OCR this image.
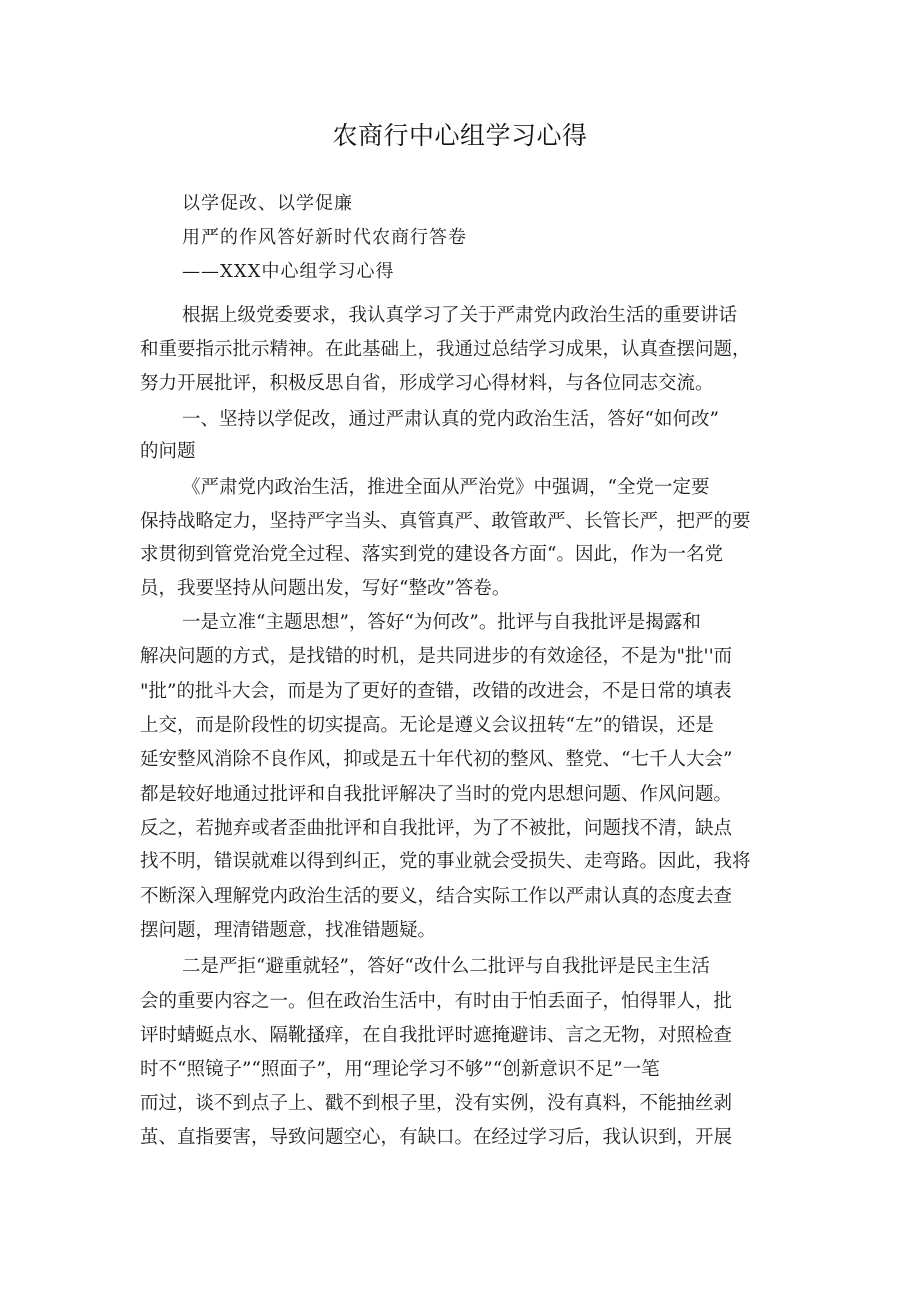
农商行中心组学习心得
以学促改、以学促廉
用严的作风答好新时代农商行答卷
——XXX中心组学习心得
根据上级党委要求，我认真学习了关于严肃党内政治生活的重要讲话
和重要指示批示精神。在此基础上，我通过总结学习成果，认真查摆问题，
努力开展批评，积极反思自省，形成学习心得材料，与各位同志交流。
一、坚持以学促改，通过严肃认真的党内政治生活，答好“如何改”
的问题
《严肃党内政治生活，推进全面从严治党》中强调，“全党一定要
保持战略定力，坚持严字当头、真管真严、敢管敢严、长管长严，把严的要
求贯彻到管党治党全过程、落实到党的建设各方面“。因此，作为一名党
员，我要坚持从问题出发，写好“整改”答卷。
一是立准“主题思想”，答好“为何改”。批评与自我批评是揭露和
解决问题的方式，是找错的时机，是共同进步的有效途径，不是为"批''而
"批”的批斗大会，而是为了更好的查错，改错的改进会，不是日常的填表
上交，而是阶段性的切实提高。无论是遵义会议扭转“左”的错误，还是
延安整风消除不良作风，抑或是五十年代初的整风、整党、“七千人大会”
都是较好地通过批评和自我批评解决了当时的党内思想问题、作风问题。
反之，若抛弃或者歪曲批评和自我批评，为了不被批，问题找不清，缺点
找不明，错误就难以得到纠正，党的事业就会受损失、走弯路。因此，我将
不断深入理解党内政治生活的要义，结合实际工作以严肃认真的态度去查
摆问题，理清错题意，找准错题疑。
二是严拒“避重就轻”，答好“改什么二批评与自我批评是民主生活
会的重要内容之一。但在政治生活中，有时由于怕丢面子，怕得罪人，批
评时蜻蜓点水、隔靴搔痒，在自我批评时遮掩避讳、言之无物，对照检查
时不“照镜子”“照面子”，用“理论学习不够”“创新意识不足”一笔
而过，谈不到点子上、戳不到根子里，没有实例，没有真料，不能抽丝剥
茧、直指要害，导致问题空心，有缺口。在经过学习后，我认识到，开展
